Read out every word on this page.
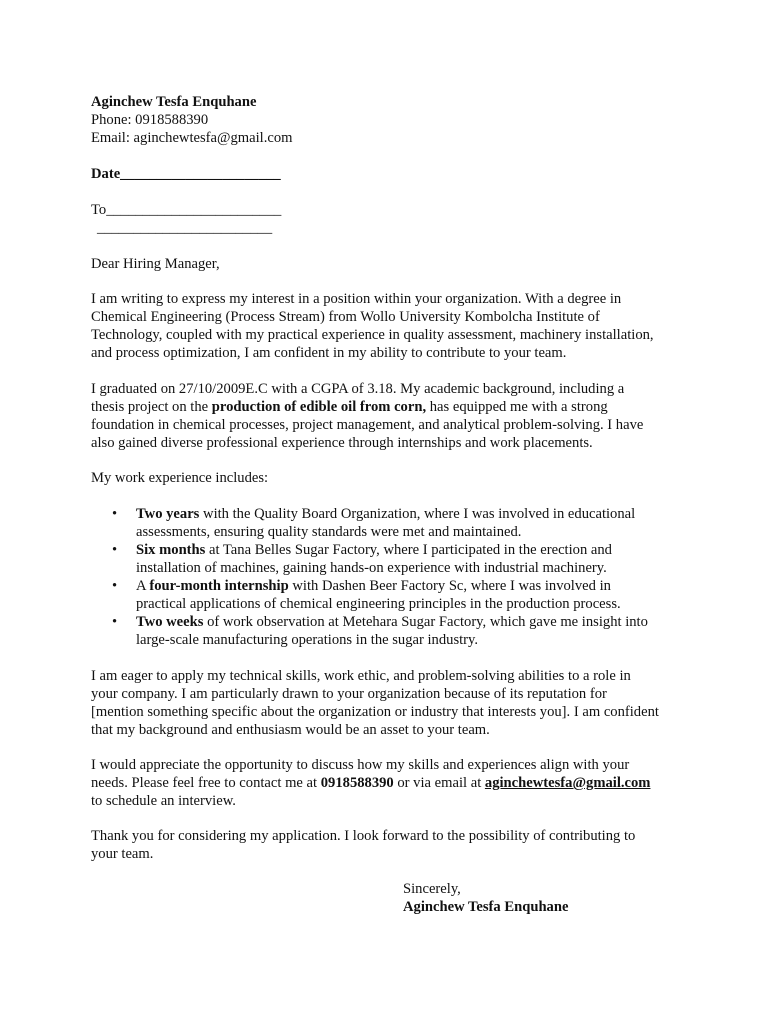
Aginchew Tesfa Enquhane
Phone: 0918588390
Email: aginchewtesfa@gmail.com
Date______________________
To________________________
________________________
Dear Hiring Manager,
I am writing to express my interest in a position within your organization. With a degree in
Chemical Engineering (Process Stream) from Wollo University Kombolcha Institute of
Technology, coupled with my practical experience in quality assessment, machinery installation,
and process optimization, I am confident in my ability to contribute to your team.
I graduated on 27/10/2009E.C with a CGPA of 3.18. My academic background, including a
thesis project on the production of edible oil from corn, has equipped me with a strong
foundation in chemical processes, project management, and analytical problem-solving. I have
also gained diverse professional experience through internships and work placements.
My work experience includes:
• Two years with the Quality Board Organization, where I was involved in educational
assessments, ensuring quality standards were met and maintained.
• Six months at Tana Belles Sugar Factory, where I participated in the erection and
installation of machines, gaining hands-on experience with industrial machinery.
• A four-month internship with Dashen Beer Factory Sc, where I was involved in
practical applications of chemical engineering principles in the production process.
• Two weeks of work observation at Metehara Sugar Factory, which gave me insight into
large-scale manufacturing operations in the sugar industry.
I am eager to apply my technical skills, work ethic, and problem-solving abilities to a role in
your company. I am particularly drawn to your organization because of its reputation for
[mention something specific about the organization or industry that interests you]. I am confident
that my background and enthusiasm would be an asset to your team.
I would appreciate the opportunity to discuss how my skills and experiences align with your
needs. Please feel free to contact me at 0918588390 or via email at aginchewtesfa@gmail.com
to schedule an interview.
Thank you for considering my application. I look forward to the possibility of contributing to
your team.
Sincerely,
Aginchew Tesfa Enquhane
